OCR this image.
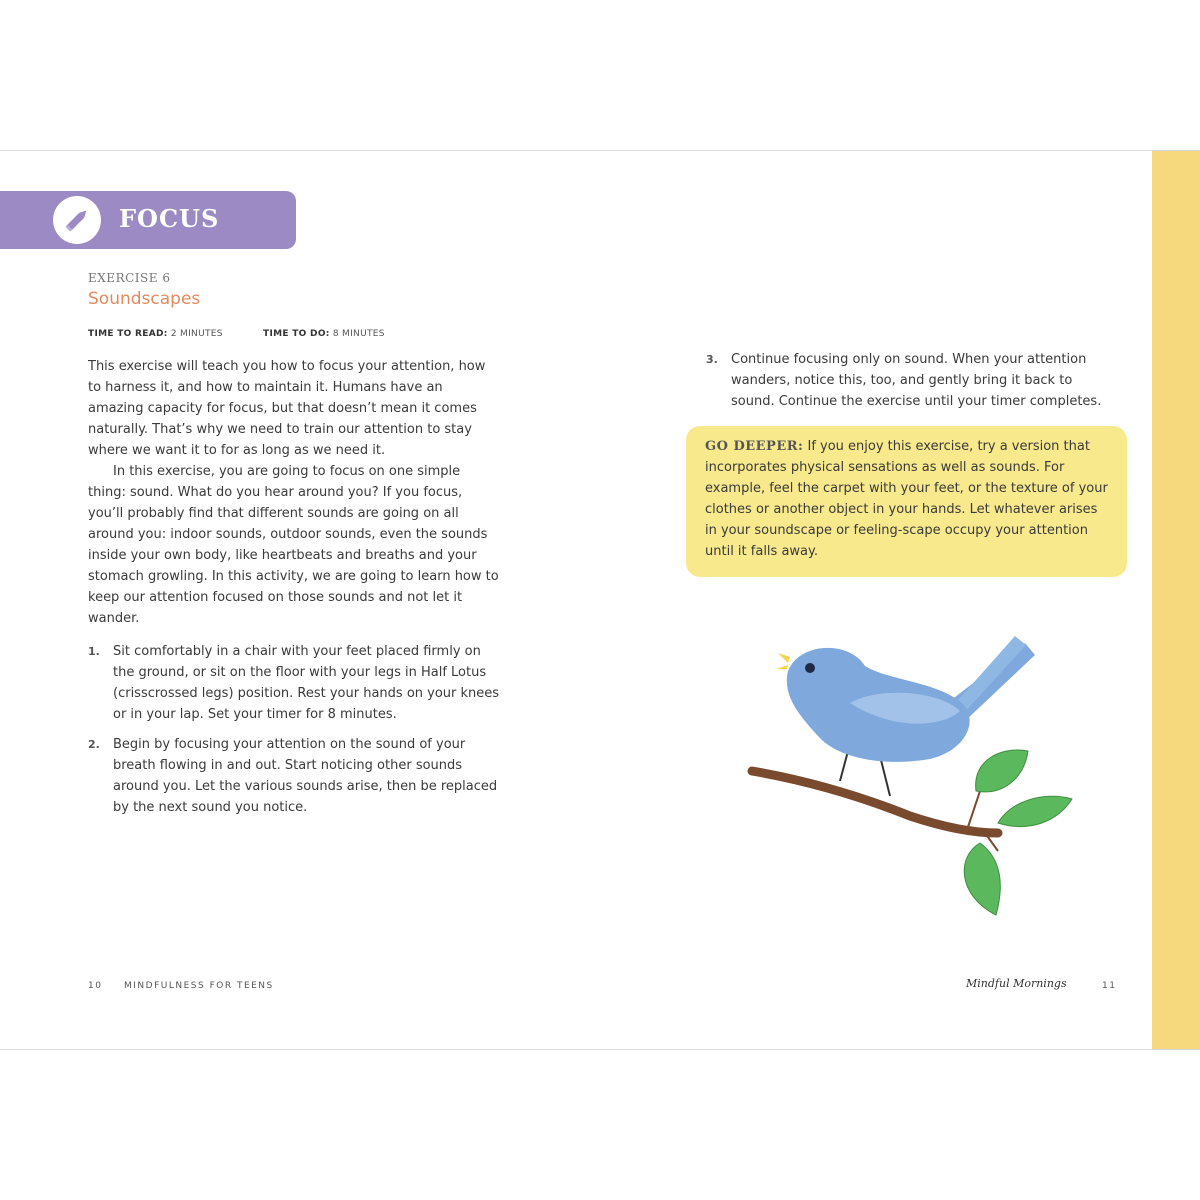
FOCUS
EXERCISE 6
Soundscapes
TIME TO READ: 2 MINUTES	TIME TO DO: 8 MINUTES

This exercise will teach you how to focus your attention, how to harness it, and how to maintain it. Humans have an amazing capacity for focus, but that doesn’t mean it comes naturally. That’s why we need to train our attention to stay where we want it to for as long as we need it.

In this exercise, you are going to focus on one simple thing: sound. What do you hear around you? If you focus, you’ll probably find that different sounds are going on all around you: indoor sounds, outdoor sounds, even the sounds inside your own body, like heartbeats and breaths and your stomach growling. In this activity, we are going to learn how to keep our attention focused on those sounds and not let it wander.

1. Sit comfortably in a chair with your feet placed firmly on the ground, or sit on the floor with your legs in Half Lotus (crisscrossed legs) position. Rest your hands on your knees or in your lap. Set your timer for 8 minutes.
2. Begin by focusing your attention on the sound of your breath flowing in and out. Start noticing other sounds around you. Let the various sounds arise, then be replaced by the next sound you notice.
3. Continue focusing only on sound. When your attention wanders, notice this, too, and gently bring it back to sound. Continue the exercise until your timer completes.
GO DEEPER: If you enjoy this exercise, try a version that incorporates physical sensations as well as sounds. For example, feel the carpet with your feet, or the texture of your clothes or another object in your hands. Let whatever arises in your soundscape or feeling-scape occupy your attention until it falls away.
10 MINDFULNESS FOR TEENS	Mindful Mornings	11
